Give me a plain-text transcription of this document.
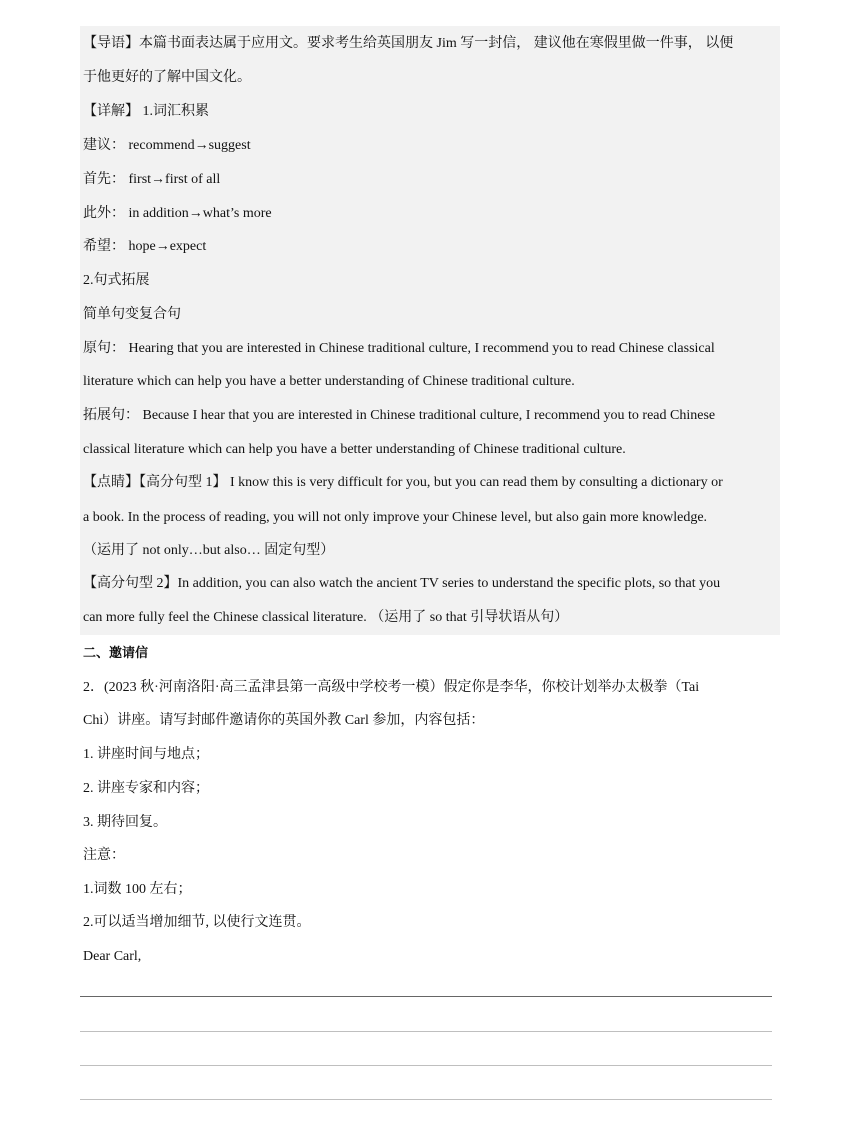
【导语】本篇书面表达属于应用文。要求考生给英国朋友 Jim 写一封信， 建议他在寒假里做一件事， 以便
于他更好的了解中国文化。
【详解】 1.词汇积累
建议： recommend→suggest
首先： first→first of all
此外： in addition→what’s more
希望： hope→expect
2.句式拓展
简单句变复合句
原句： Hearing that you are interested in Chinese traditional culture, I recommend you to read Chinese classical
literature which can help you have a better understanding of Chinese traditional culture.
拓展句： Because I hear that you are interested in Chinese traditional culture, I recommend you to read Chinese
classical literature which can help you have a better understanding of Chinese traditional culture.
【点睛】【高分句型 1】 I know this is very difficult for you, but you can read them by consulting a dictionary or
a book. In the process of reading, you will not only improve your Chinese level, but also gain more knowledge.
（运用了 not only…but also… 固定句型）
【高分句型 2】In addition, you can also watch the ancient TV series to understand the specific plots, so that you
can more fully feel the Chinese classical literature. （运用了 so that 引导状语从句）
二、邀请信
2．(2023 秋·河南洛阳·高三孟津县第一高级中学校考一模）假定你是李华，你校计划举办太极拳（Tai
Chi）讲座。请写封邮件邀请你的英国外教 Carl 参加，内容包括：
1. 讲座时间与地点；
2. 讲座专家和内容；
3. 期待回复。
注意：
1.词数 100 左右；
2.可以适当增加细节, 以使行文连贯。
Dear Carl,
